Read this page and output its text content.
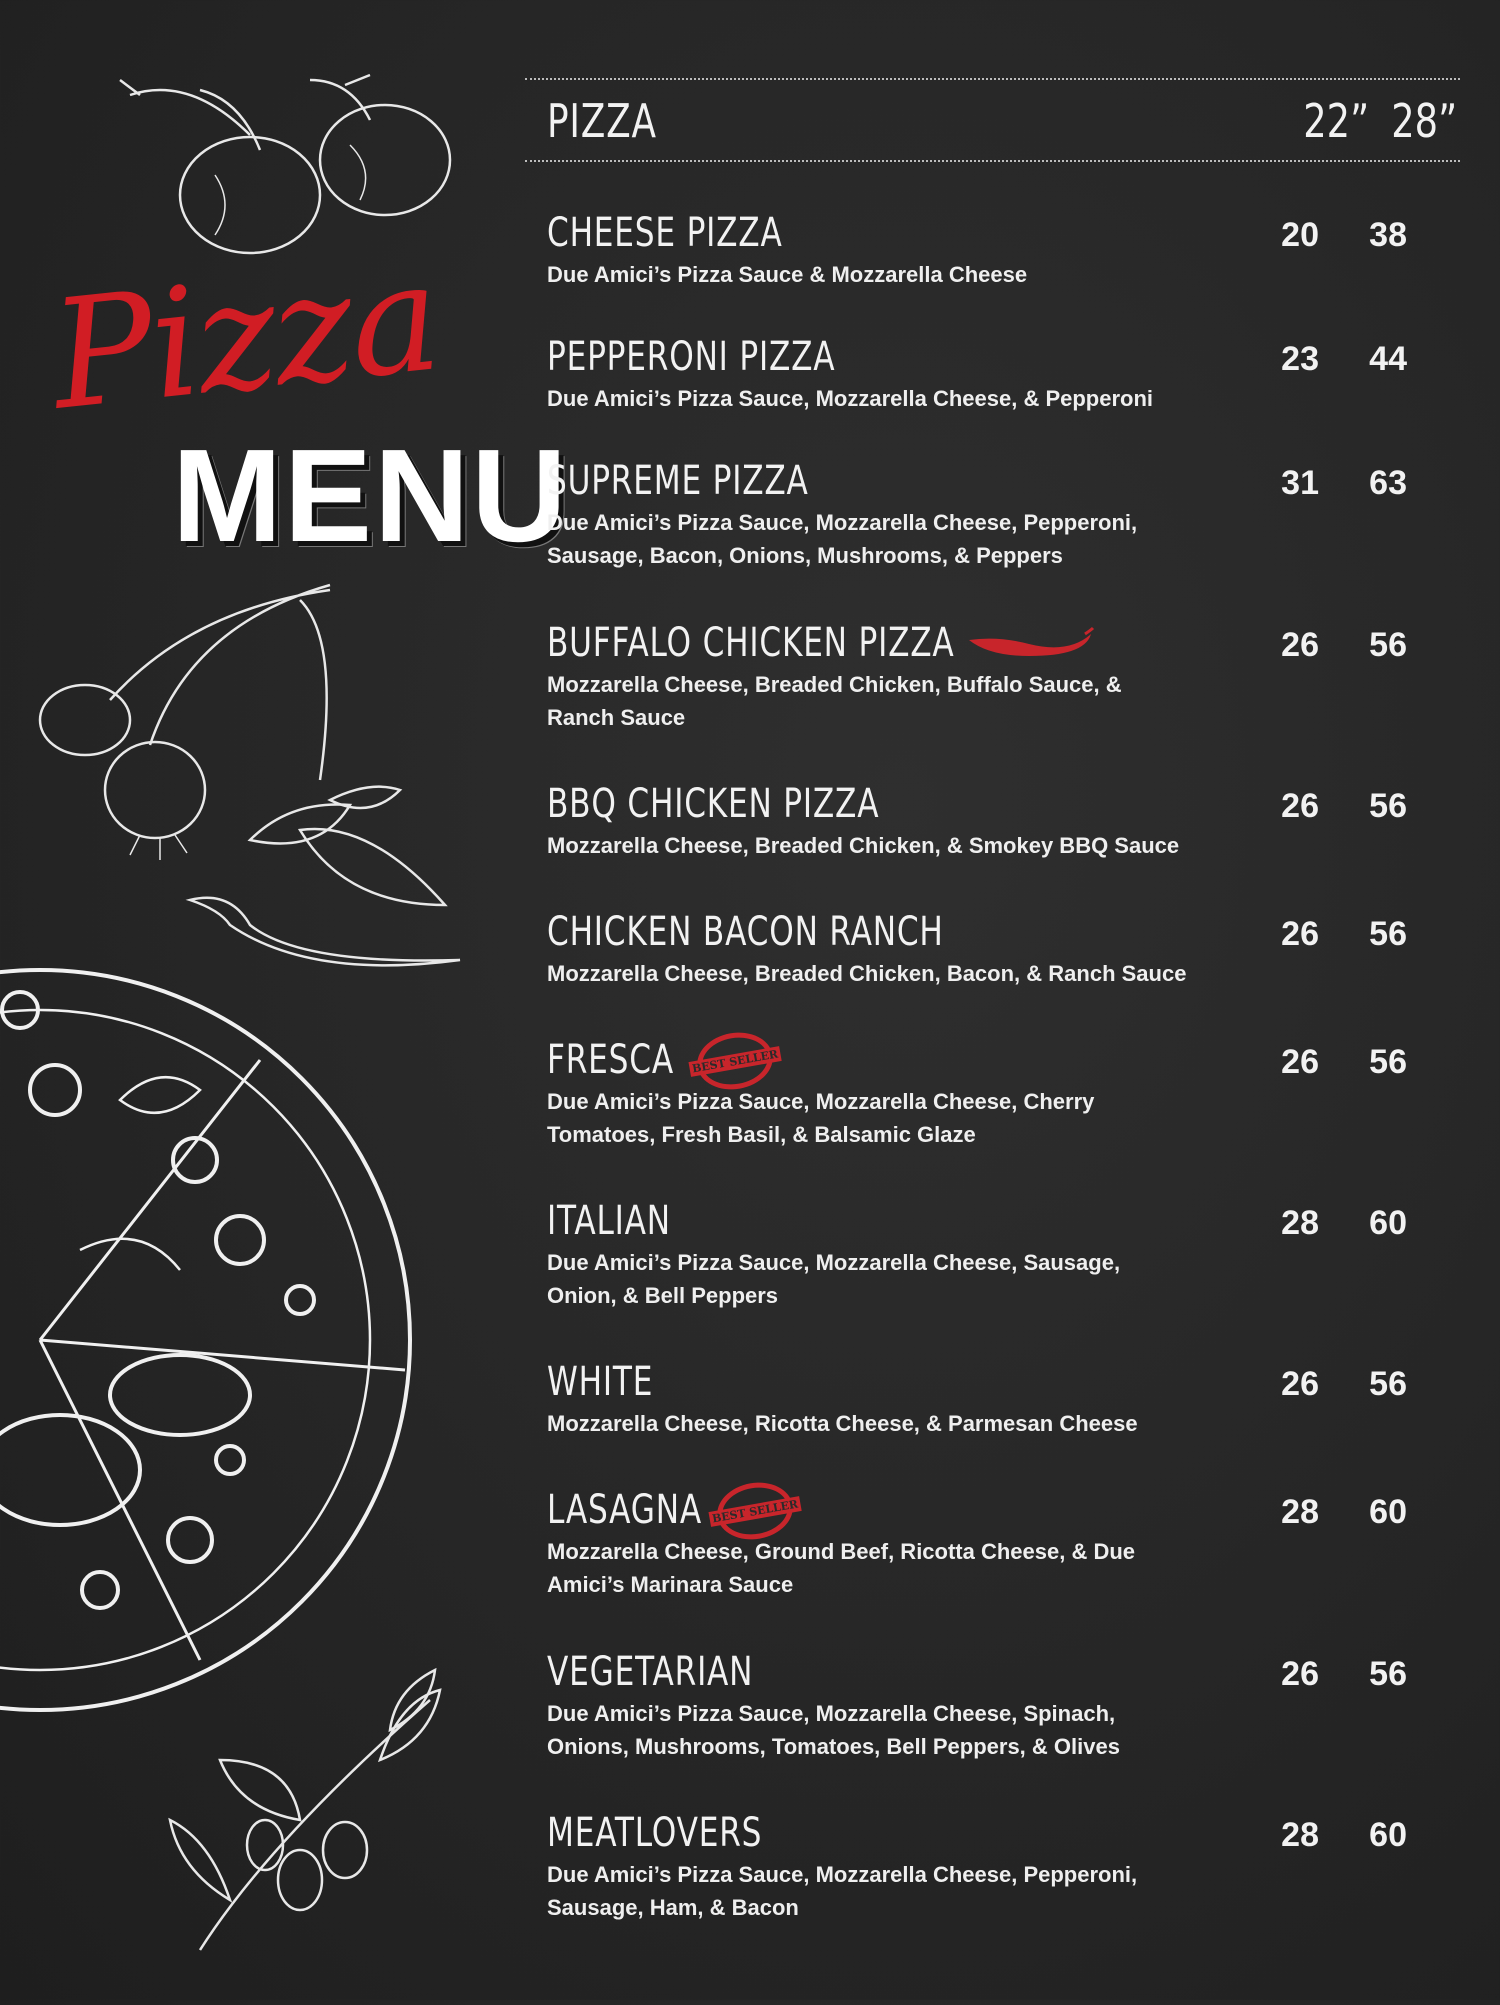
Pizza
MENU
PIZZA	22” 28”
CHEESE PIZZA
Due Amici’s Pizza Sauce & Mozzarella Cheese
20	38
PEPPERONI PIZZA
Due Amici’s Pizza Sauce, Mozzarella Cheese, & Pepperoni
23	44
SUPREME PIZZA
Due Amici’s Pizza Sauce, Mozzarella Cheese, Pepperoni, Sausage, Bacon, Onions, Mushrooms, & Peppers
31	63
BUFFALO CHICKEN PIZZA
Mozzarella Cheese, Breaded Chicken, Buffalo Sauce, & Ranch Sauce
26	56
BBQ CHICKEN PIZZA
Mozzarella Cheese, Breaded Chicken, & Smokey BBQ Sauce
26	56
CHICKEN BACON RANCH
Mozzarella Cheese, Breaded Chicken, Bacon, & Ranch Sauce
26	56
FRESCA BEST SELLER
Due Amici’s Pizza Sauce, Mozzarella Cheese, Cherry Tomatoes, Fresh Basil, & Balsamic Glaze
26	56
ITALIAN
Due Amici’s Pizza Sauce, Mozzarella Cheese, Sausage, Onion, & Bell Peppers
28	60
WHITE
Mozzarella Cheese, Ricotta Cheese, & Parmesan Cheese
26	56
LASAGNA BEST SELLER
Mozzarella Cheese, Ground Beef, Ricotta Cheese, & Due Amici’s Marinara Sauce
28	60
VEGETARIAN
Due Amici’s Pizza Sauce, Mozzarella Cheese, Spinach, Onions, Mushrooms, Tomatoes, Bell Peppers, & Olives
26	56
MEATLOVERS
Due Amici’s Pizza Sauce, Mozzarella Cheese, Pepperoni, Sausage, Ham, & Bacon
28	60
